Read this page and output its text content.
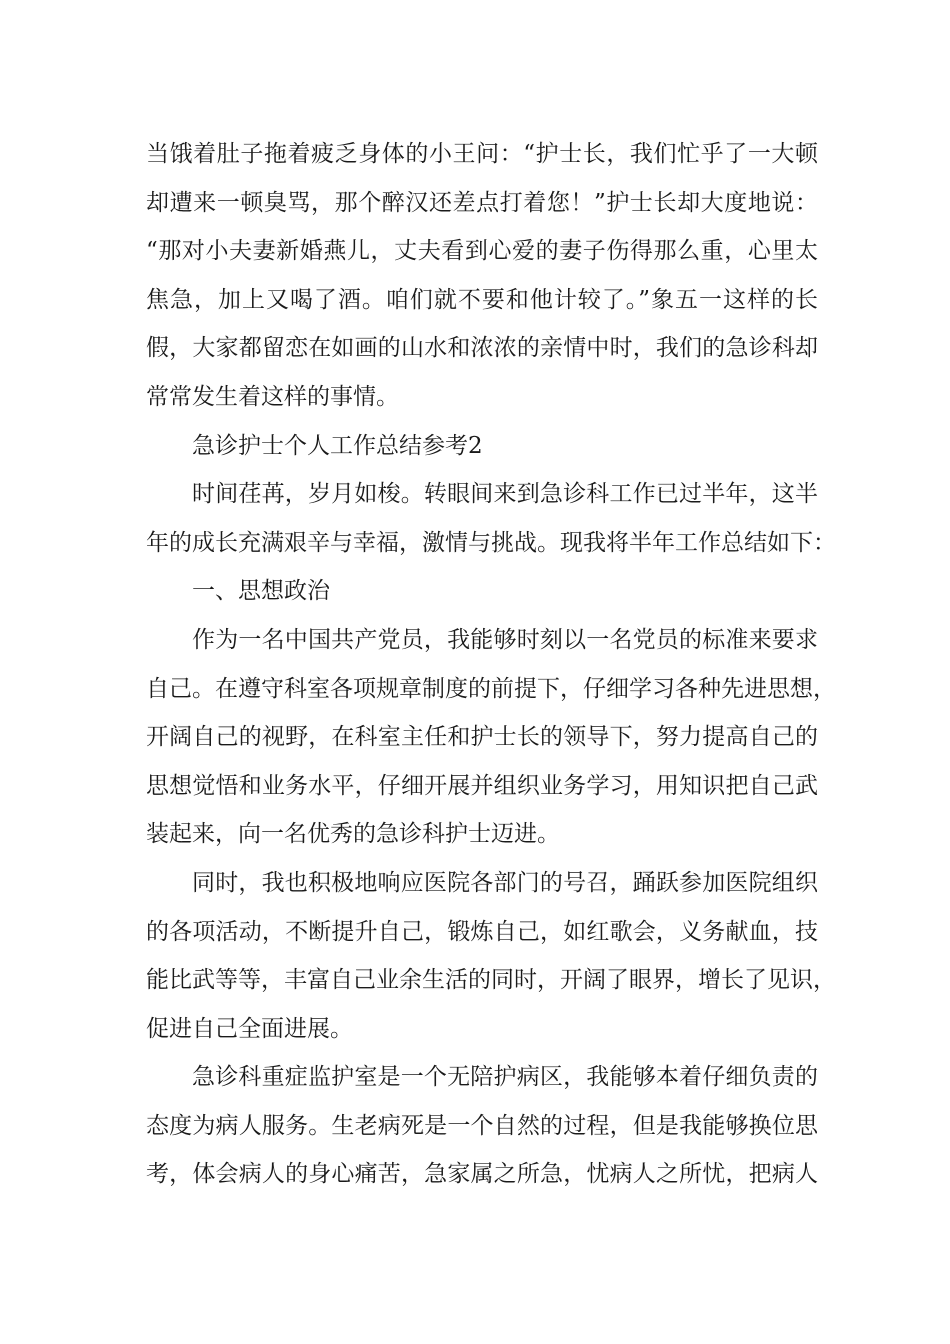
当饿着肚子拖着疲乏身体的小王问：“护士长，我们忙乎了一大顿
却遭来一顿臭骂，那个醉汉还差点打着您！”护士长却大度地说：
“那对小夫妻新婚燕儿，丈夫看到心爱的妻子伤得那么重，心里太
焦急，加上又喝了酒。咱们就不要和他计较了。”象五一这样的长
假，大家都留恋在如画的山水和浓浓的亲情中时，我们的急诊科却
常常发生着这样的事情。
急诊护士个人工作总结参考2
时间荏苒，岁月如梭。转眼间来到急诊科工作已过半年，这半
年的成长充满艰辛与幸福，激情与挑战。现我将半年工作总结如下：
一、思想政治
作为一名中国共产党员，我能够时刻以一名党员的标准来要求
自己。在遵守科室各项规章制度的前提下，仔细学习各种先进思想，
开阔自己的视野，在科室主任和护士长的领导下，努力提高自己的
思想觉悟和业务水平，仔细开展并组织业务学习，用知识把自己武
装起来，向一名优秀的急诊科护士迈进。
同时，我也积极地响应医院各部门的号召，踊跃参加医院组织
的各项活动，不断提升自己，锻炼自己，如红歌会，义务献血，技
能比武等等，丰富自己业余生活的同时，开阔了眼界，增长了见识，
促进自己全面进展。
急诊科重症监护室是一个无陪护病区，我能够本着仔细负责的
态度为病人服务。生老病死是一个自然的过程，但是我能够换位思
考，体会病人的身心痛苦，急家属之所急，忧病人之所忧，把病人
